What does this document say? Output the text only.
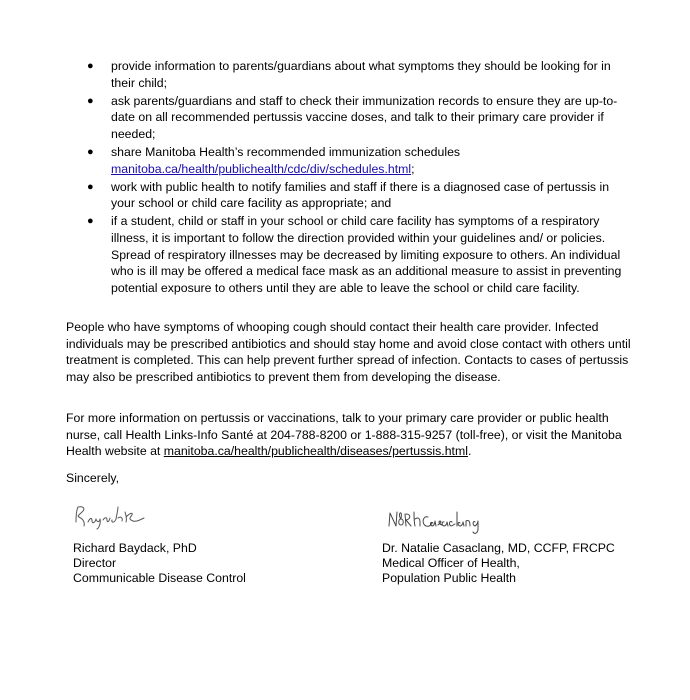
● provide information to parents/guardians about what symptoms they should be looking for in their child;
● ask parents/guardians and staff to check their immunization records to ensure they are up-to-date on all recommended pertussis vaccine doses, and talk to their primary care provider if needed;
● share Manitoba Health’s recommended immunization schedules
manitoba.ca/health/publichealth/cdc/div/schedules.html;
● work with public health to notify families and staff if there is a diagnosed case of pertussis in your school or child care facility as appropriate; and
● if a student, child or staff in your school or child care facility has symptoms of a respiratory illness, it is important to follow the direction provided within your guidelines and/ or policies. Spread of respiratory illnesses may be decreased by limiting exposure to others. An individual who is ill may be offered a medical face mask as an additional measure to assist in preventing potential exposure to others until they are able to leave the school or child care facility.

People who have symptoms of whooping cough should contact their health care provider. Infected individuals may be prescribed antibiotics and should stay home and avoid close contact with others until treatment is completed. This can help prevent further spread of infection. Contacts to cases of pertussis may also be prescribed antibiotics to prevent them from developing the disease.

For more information on pertussis or vaccinations, talk to your primary care provider or public health nurse, call Health Links-Info Santé at 204-788-8200 or 1-888-315-9257 (toll-free), or visit the Manitoba Health website at manitoba.ca/health/publichealth/diseases/pertussis.html.

Sincerely,

Richard Baydack, PhD
Director
Communicable Disease Control
Dr. Natalie Casaclang, MD, CCFP, FRCPC
Medical Officer of Health,
Population Public Health
